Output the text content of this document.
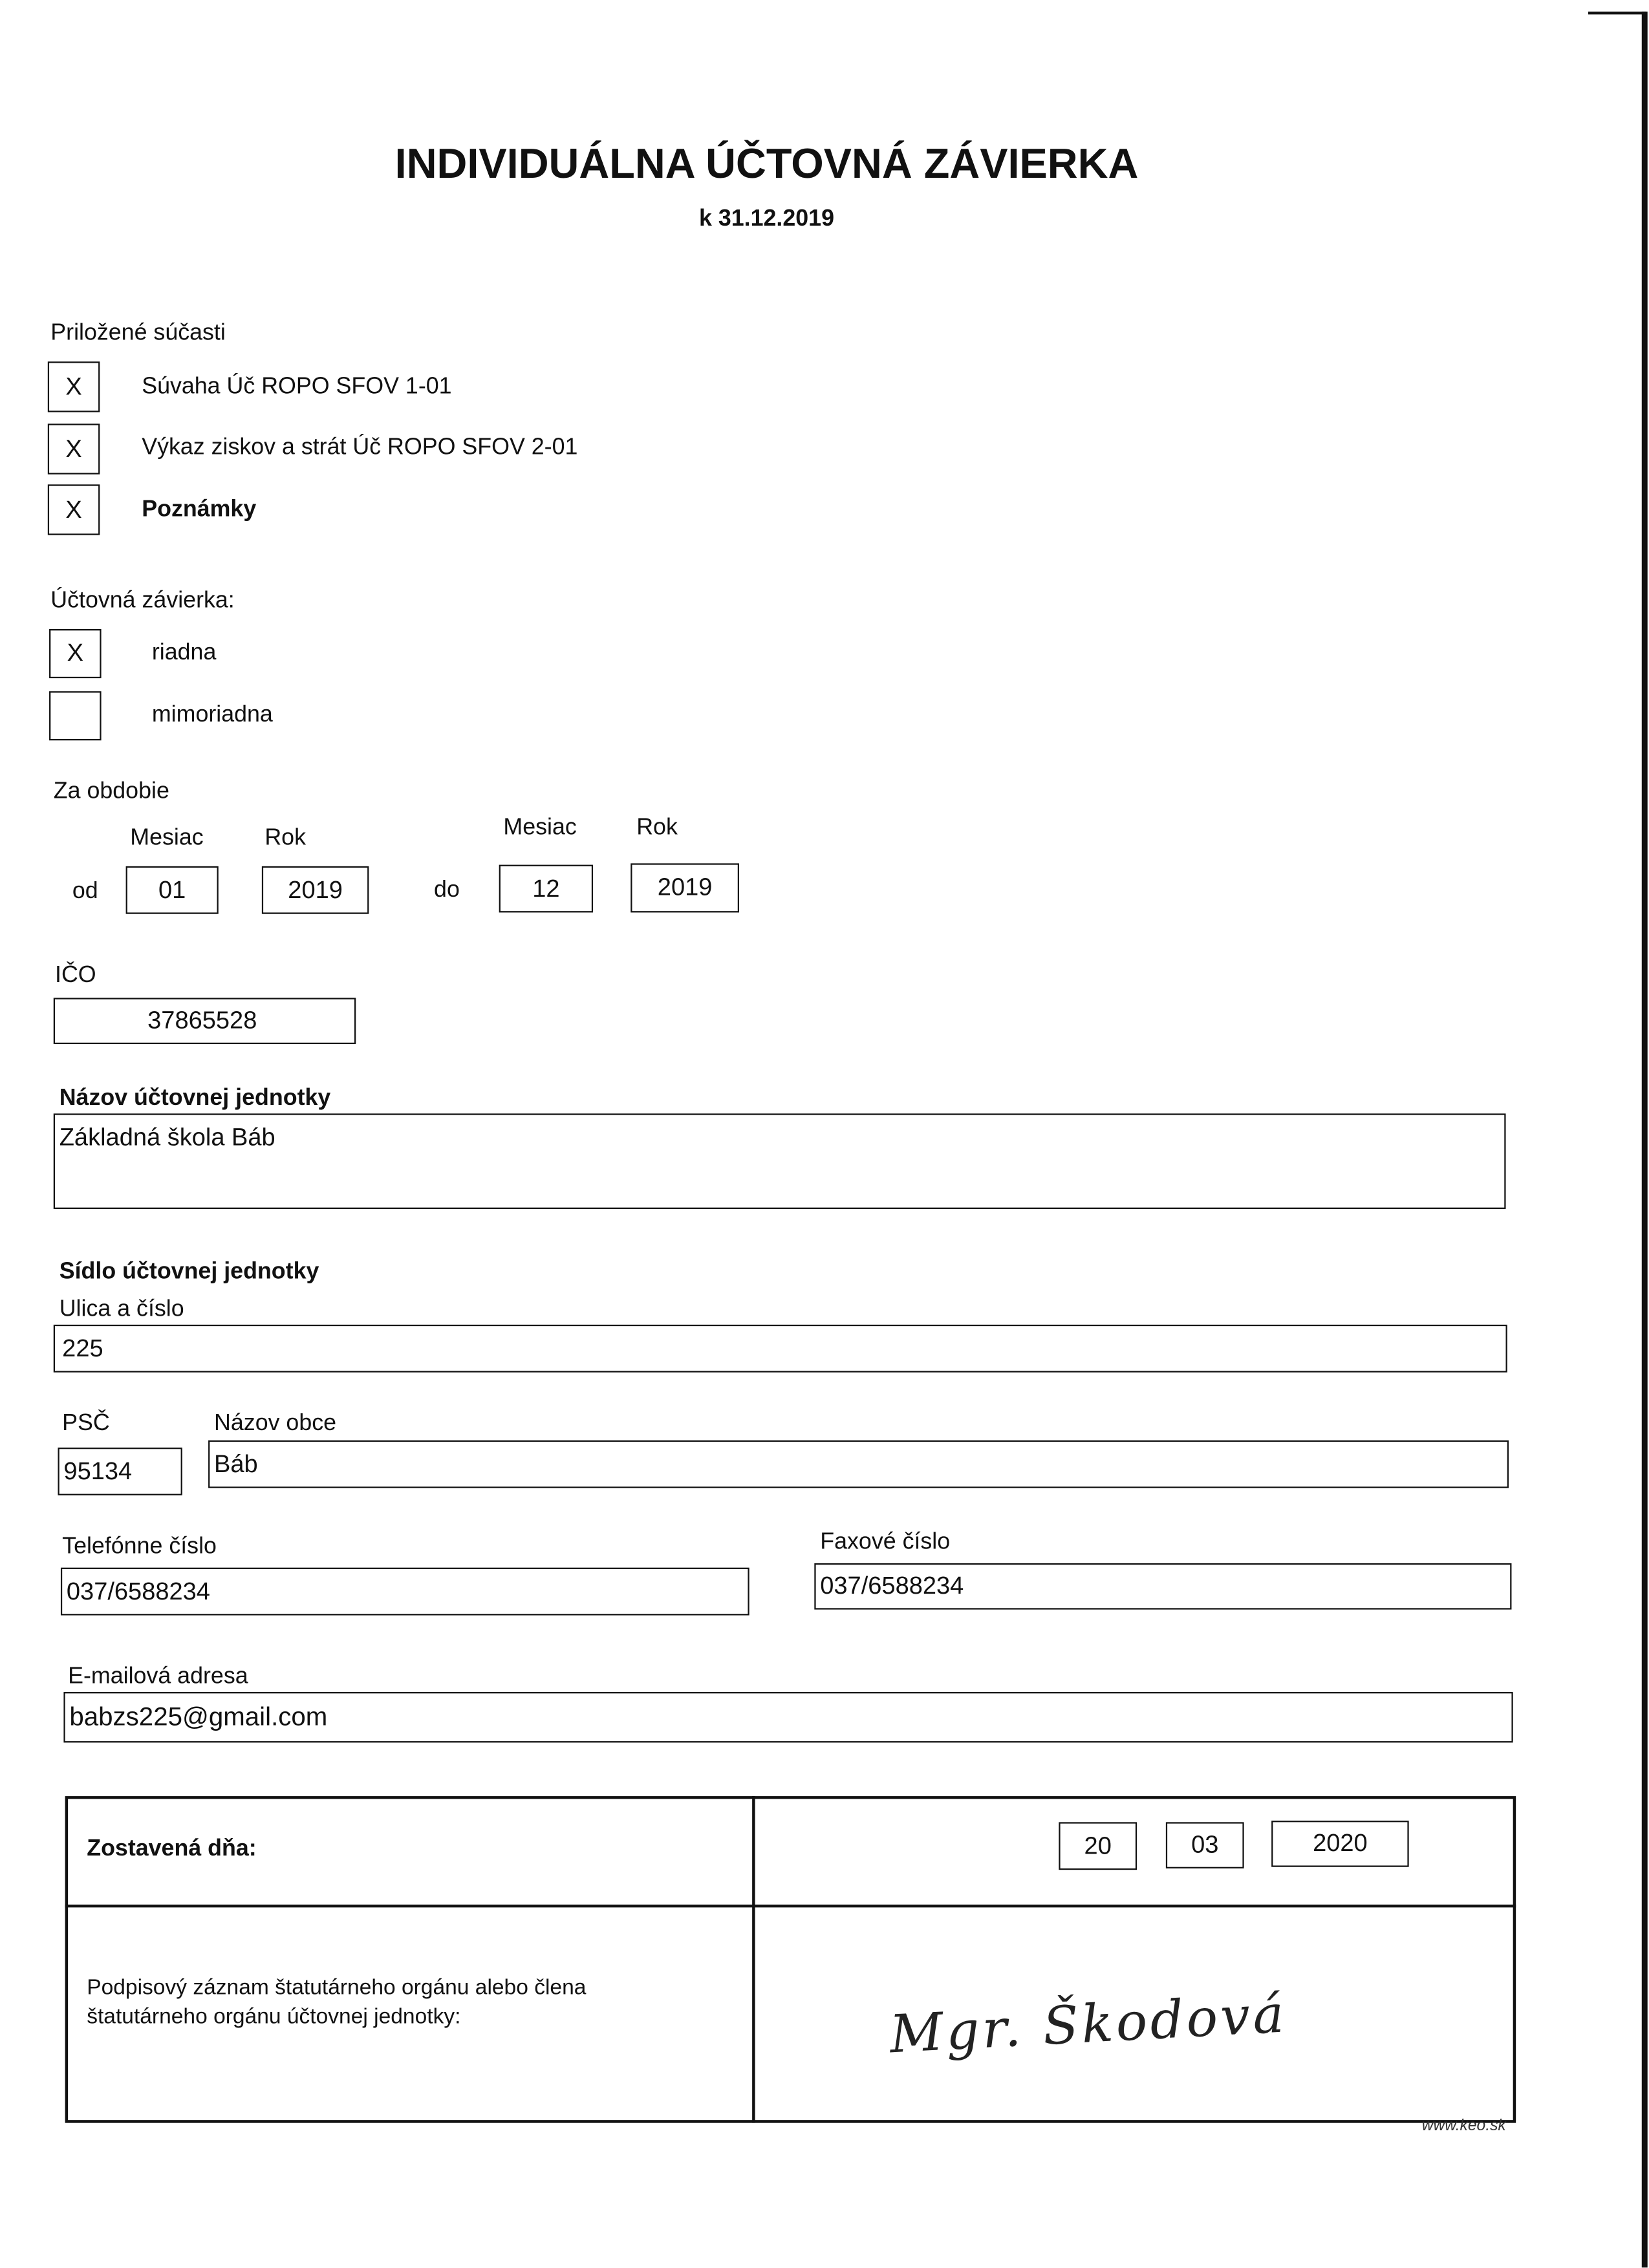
INDIVIDUÁLNA ÚČTOVNÁ ZÁVIERKA
k 31.12.2019
Priložené súčasti
X	Súvaha Úč ROPO SFOV 1-01
X	Výkaz ziskov a strát Úč ROPO SFOV 2-01
X	Poznámky
Účtovná závierka:
X	riadna
mimoriadna
Za obdobie
Mesiac	Rok	Mesiac	Rok
od	01	2019	do	12	2019
IČO
37865528
Názov účtovnej jednotky
Základná škola Báb
Sídlo účtovnej jednotky
Ulica a číslo
225
PSČ	Názov obce
95134	Báb
Telefónne číslo
037/6588234
Faxové číslo
037/6588234
E-mailová adresa
babzs225@gmail.com
Zostavená dňa:	20	03	2020
Podpisový záznam štatutárneho orgánu alebo člena
štatutárneho orgánu účtovnej jednotky:	Mgr. Škodová
www.keo.sk
